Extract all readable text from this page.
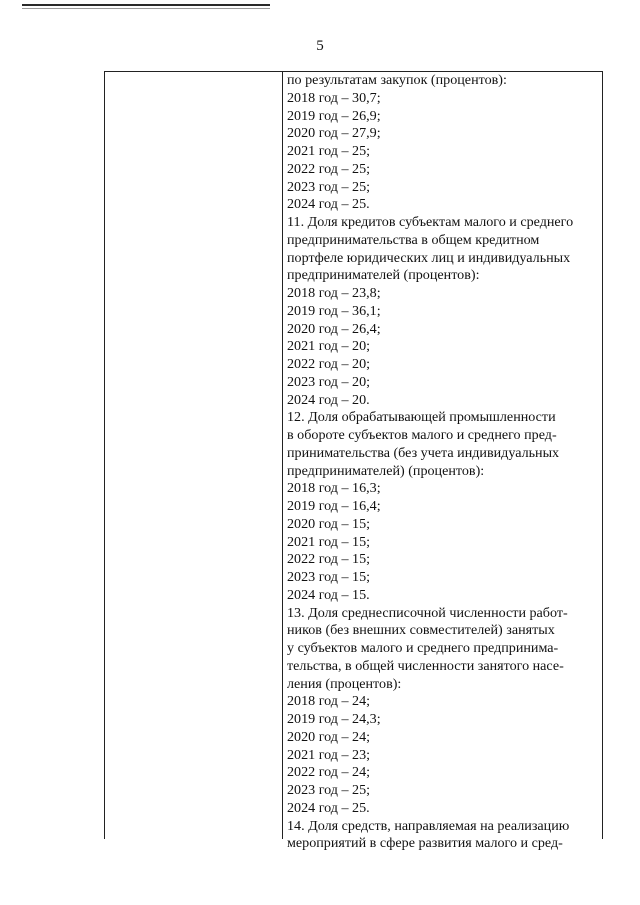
5

по результатам закупок (процентов):

2018 год – 30,7;

2019 год – 26,9;

2020 год – 27,9;

2021 год – 25;

2022 год – 25;

2023 год – 25;

2024 год – 25.

11. Доля кредитов субъектам малого и среднего

предпринимательства в общем кредитном

портфеле юридических лиц и индивидуальных

предпринимателей (процентов):

2018 год – 23,8;

2019 год – 36,1;

2020 год – 26,4;

2021 год – 20;

2022 год – 20;

2023 год – 20;

2024 год – 20.

12. Доля обрабатывающей промышленности

в обороте субъектов малого и среднего пред-

принимательства (без учета индивидуальных

предпринимателей) (процентов):

2018 год – 16,3;

2019 год – 16,4;

2020 год – 15;

2021 год – 15;

2022 год – 15;

2023 год – 15;

2024 год – 15.

13. Доля среднесписочной численности работ-

ников (без внешних совместителей) занятых

у субъектов малого и среднего предпринима-

тельства, в общей численности занятого насе-

ления (процентов):

2018 год – 24;

2019 год – 24,3;

2020 год – 24;

2021 год – 23;

2022 год – 24;

2023 год – 25;

2024 год – 25.

14. Доля средств, направляемая на реализацию

мероприятий в сфере развития малого и сред-
